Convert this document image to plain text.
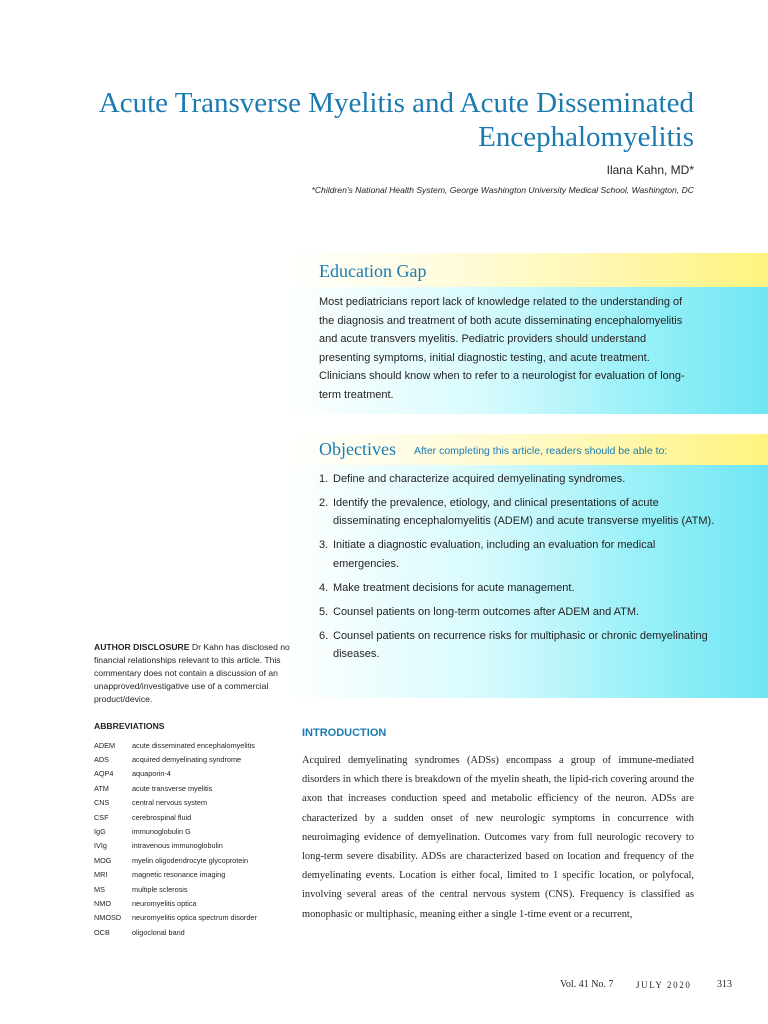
Acute Transverse Myelitis and Acute Disseminated
Encephalomyelitis

Ilana Kahn, MD*

*Children's National Health System, George Washington University Medical School, Washington, DC

Education Gap

Most pediatricians report lack of knowledge related to the understanding of the diagnosis and treatment of both acute disseminating encephalomyelitis and acute transvers myelitis. Pediatric providers should understand presenting symptoms, initial diagnostic testing, and acute treatment. Clinicians should know when to refer to a neurologist for evaluation of long-term treatment.

Objectives After completing this article, readers should be able to:

1. Define and characterize acquired demyelinating syndromes.
2. Identify the prevalence, etiology, and clinical presentations of acute disseminating encephalomyelitis (ADEM) and acute transverse myelitis (ATM).
3. Initiate a diagnostic evaluation, including an evaluation for medical emergencies.
4. Make treatment decisions for acute management.
5. Counsel patients on long-term outcomes after ADEM and ATM.
6. Counsel patients on recurrence risks for multiphasic or chronic demyelinating diseases.

AUTHOR DISCLOSURE Dr Kahn has disclosed no financial relationships relevant to this article. This commentary does not contain a discussion of an unapproved/investigative use of a commercial product/device.

ABBREVIATIONS

ADEM	acute disseminated encephalomyelitis
ADS	acquired demyelinating syndrome
AQP4	aquaporin-4
ATM	acute transverse myelitis
CNS	central nervous system
CSF	cerebrospinal fluid
IgG	immunoglobulin G
IVIg	intravenous immunoglobulin
MOG	myelin oligodendrocyte glycoprotein
MRI	magnetic resonance imaging
MS	multiple sclerosis
NMO	neuromyelitis optica
NMOSD	neuromyelitis optica spectrum disorder
OCB	oligoclonal band
INTRODUCTION

Acquired demyelinating syndromes (ADSs) encompass a group of immune-mediated disorders in which there is breakdown of the myelin sheath, the lipid-rich covering around the axon that increases conduction speed and metabolic efficiency of the neuron. ADSs are characterized by a sudden onset of new neurologic symptoms in concurrence with neuroimaging evidence of demyelination. Outcomes vary from full neurologic recovery to long-term severe disability. ADSs are characterized based on location and frequency of the demyelinating events. Location is either focal, limited to 1 specific location, or polyfocal, involving several areas of the central nervous system (CNS). Frequency is classified as monophasic or multiphasic, meaning either a single 1-time event or a recurrent,

Vol. 41 No. 7	JULY 2020	313
